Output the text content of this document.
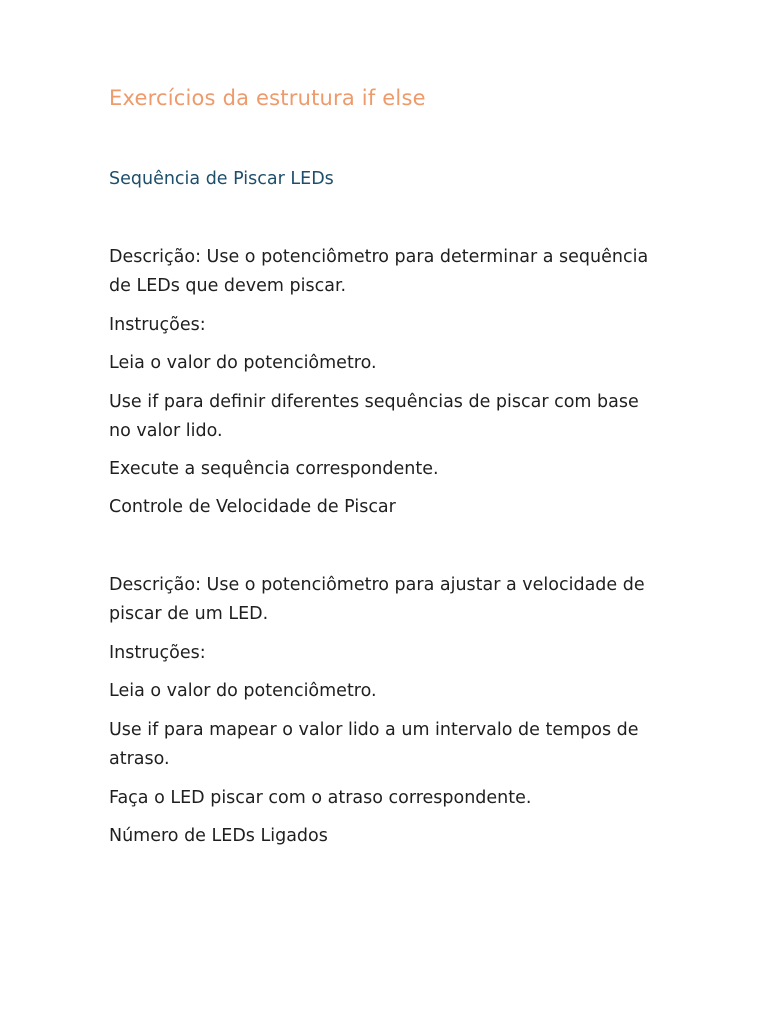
Exercícios da estrutura if else
Sequência de Piscar LEDs

Descrição: Use o potenciômetro para determinar a sequência de LEDs que devem piscar.

Instruções:

Leia o valor do potenciômetro.

Use if para definir diferentes sequências de piscar com base no valor lido.

Execute a sequência correspondente.

Controle de Velocidade de Piscar

Descrição: Use o potenciômetro para ajustar a velocidade de piscar de um LED.

Instruções:

Leia o valor do potenciômetro.

Use if para mapear o valor lido a um intervalo de tempos de atraso.

Faça o LED piscar com o atraso correspondente.

Número de LEDs Ligados
